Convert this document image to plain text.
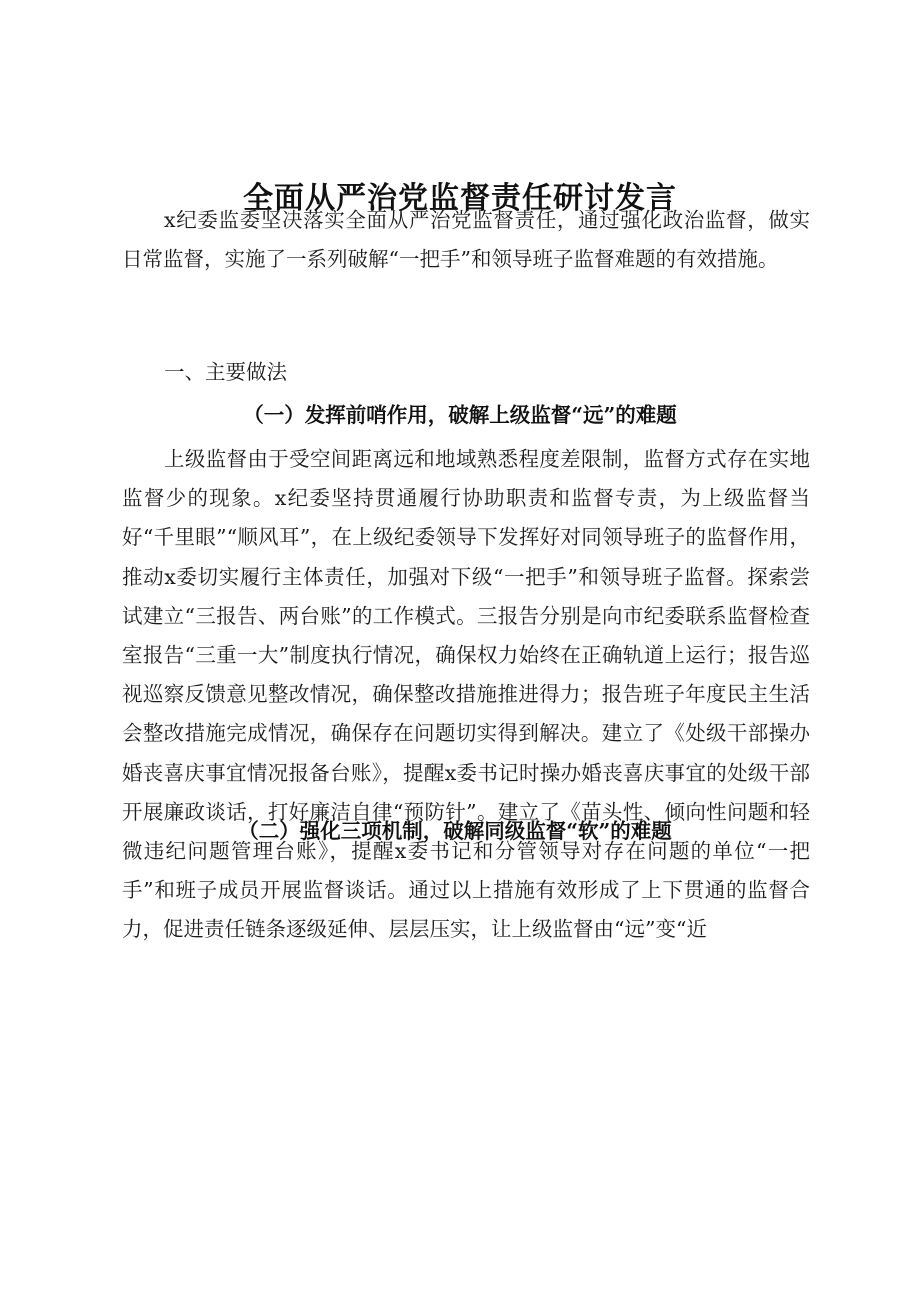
全面从严治党监督责任研讨发言

x纪委监委坚决落实全面从严治党监督责任，通过强化政治监督，做实日常监督，实施了一系列破解“一把手”和领导班子监督难题的有效措施。

一、主要做法

（一）发挥前哨作用，破解上级监督“远”的难题

上级监督由于受空间距离远和地域熟悉程度差限制，监督方式存在实地监督少的现象。x纪委坚持贯通履行协助职责和监督专责，为上级监督当好“千里眼”“顺风耳”，在上级纪委领导下发挥好对同领导班子的监督作用，推动x委切实履行主体责任，加强对下级“一把手”和领导班子监督。探索尝试建立“三报告、两台账”的工作模式。三报告分别是向市纪委联系监督检查室报告“三重一大”制度执行情况，确保权力始终在正确轨道上运行；报告巡视巡察反馈意见整改情况，确保整改措施推进得力；报告班子年度民主生活会整改措施完成情况，确保存在问题切实得到解决。建立了《处级干部操办婚丧喜庆事宜情况报备台账》，提醒x委书记时操办婚丧喜庆事宜的处级干部开展廉政谈话，打好廉洁自律“预防针”。建立了《苗头性、倾向性问题和轻微违纪问题管理台账》，提醒x委书记和分管领导对存在问题的单位“一把手”和班子成员开展监督谈话。通过以上措施有效形成了上下贯通的监督合力，促进责任链条逐级延伸、层层压实，让上级监督由“远”变“近

（二）强化三项机制，破解同级监督“软”的难题
